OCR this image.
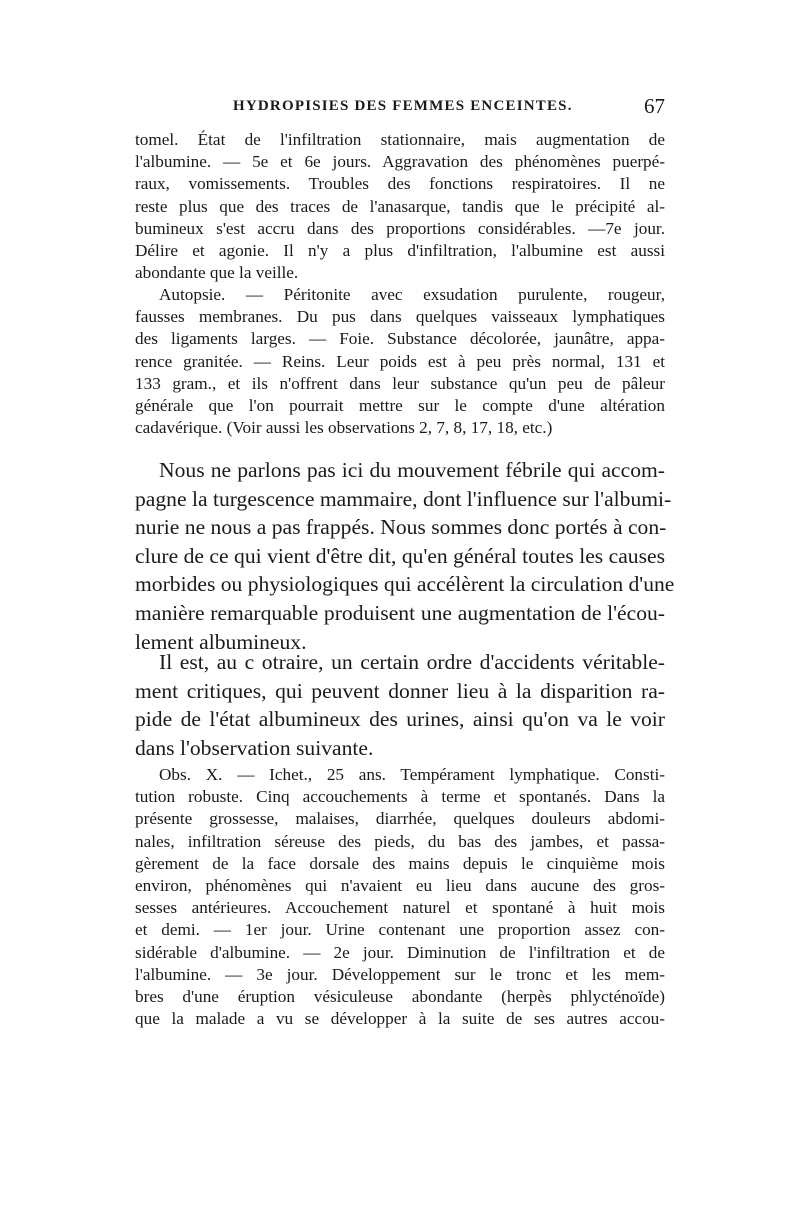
HYDROPISIES DES FEMMES ENCEINTES.	67
tomel. État de l'infiltration stationnaire, mais augmentation de
l'albumine. — 5e et 6e jours. Aggravation des phénomènes puerpé-
raux, vomissements. Troubles des fonctions respiratoires. Il ne
reste plus que des traces de l'anasarque, tandis que le précipité al-
bumineux s'est accru dans des proportions considérables. —7e jour.
Délire et agonie. Il n'y a plus d'infiltration, l'albumine est aussi
abondante que la veille.
Autopsie. — Péritonite avec exsudation purulente, rougeur,
fausses membranes. Du pus dans quelques vaisseaux lymphatiques
des ligaments larges. — Foie. Substance décolorée, jaunâtre, appa-
rence granitée. — Reins. Leur poids est à peu près normal, 131 et
133 gram., et ils n'offrent dans leur substance qu'un peu de pâleur
générale que l'on pourrait mettre sur le compte d'une altération
cadavérique. (Voir aussi les observations 2, 7, 8, 17, 18, etc.)
Nous ne parlons pas ici du mouvement fébrile qui accom-
pagne la turgescence mammaire, dont l'influence sur l'albumi-
nurie ne nous a pas frappés. Nous sommes donc portés à con-
clure de ce qui vient d'être dit, qu'en général toutes les causes
morbides ou physiologiques qui accélèrent la circulation d'une
manière remarquable produisent une augmentation de l'écou-
lement albumineux.
Il est, au c otraire, un certain ordre d'accidents véritable-
ment critiques, qui peuvent donner lieu à la disparition ra-
pide de l'état albumineux des urines, ainsi qu'on va le voir
dans l'observation suivante.
Obs. X. — Ichet., 25 ans. Tempérament lymphatique. Consti-
tution robuste. Cinq accouchements à terme et spontanés. Dans la
présente grossesse, malaises, diarrhée, quelques douleurs abdomi-
nales, infiltration séreuse des pieds, du bas des jambes, et passa-
gèrement de la face dorsale des mains depuis le cinquième mois
environ, phénomènes qui n'avaient eu lieu dans aucune des gros-
sesses antérieures. Accouchement naturel et spontané à huit mois
et demi. — 1er jour. Urine contenant une proportion assez con-
sidérable d'albumine. — 2e jour. Diminution de l'infiltration et de
l'albumine. — 3e jour. Développement sur le tronc et les mem-
bres d'une éruption vésiculeuse abondante (herpès phlycténoïde)
que la malade a vu se développer à la suite de ses autres accou-
